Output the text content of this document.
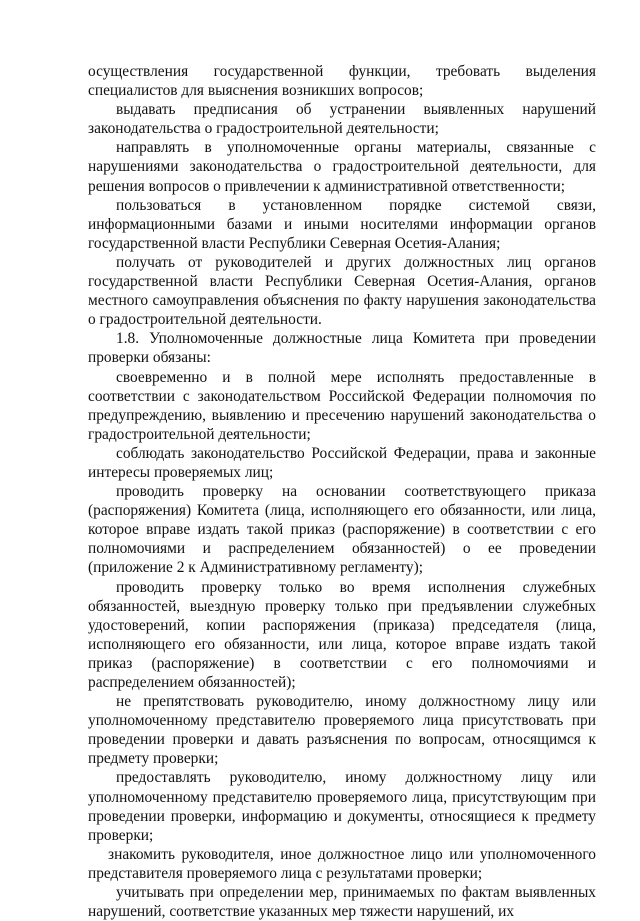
осуществления государственной функции, требовать выделения специалистов для выяснения возникших вопросов;

выдавать предписания об устранении выявленных нарушений законодательства о градостроительной деятельности;

направлять в уполномоченные органы материалы, связанные с нарушениями законодательства о градостроительной деятельности, для решения вопросов о привлечении к административной ответственности;

пользоваться в установленном порядке системой связи, информационными базами и иными носителями информации органов государственной власти Республики Северная Осетия-Алания;

получать от руководителей и других должностных лиц органов государственной власти Республики Северная Осетия-Алания, органов местного самоуправления объяснения по факту нарушения законодательства о градостроительной деятельности.

1.8. Уполномоченные должностные лица Комитета при проведении проверки обязаны:

своевременно и в полной мере исполнять предоставленные в соответствии с законодательством Российской Федерации полномочия по предупреждению, выявлению и пресечению нарушений законодательства о градостроительной деятельности;

соблюдать законодательство Российской Федерации, права и законные интересы проверяемых лиц;

проводить проверку на основании соответствующего приказа (распоряжения) Комитета (лица, исполняющего его обязанности, или лица, которое вправе издать такой приказ (распоряжение) в соответствии с его полномочиями и распределением обязанностей) о ее проведении (приложение 2 к Административному регламенту);

проводить проверку только во время исполнения служебных обязанностей, выездную проверку только при предъявлении служебных удостоверений, копии распоряжения (приказа) председателя (лица, исполняющего его обязанности, или лица, которое вправе издать такой приказ (распоряжение) в соответствии с его полномочиями и распределением обязанностей);

не препятствовать руководителю, иному должностному лицу или уполномоченному представителю проверяемого лица присутствовать при проведении проверки и давать разъяснения по вопросам, относящимся к предмету проверки;

предоставлять руководителю, иному должностному лицу или уполномоченному представителю проверяемого лица, присутствующим при проведении проверки, информацию и документы, относящиеся к предмету проверки;

знакомить руководителя, иное должностное лицо или уполномоченного представителя проверяемого лица с результатами проверки;

учитывать при определении мер, принимаемых по фактам выявленных нарушений, соответствие указанных мер тяжести нарушений, их
